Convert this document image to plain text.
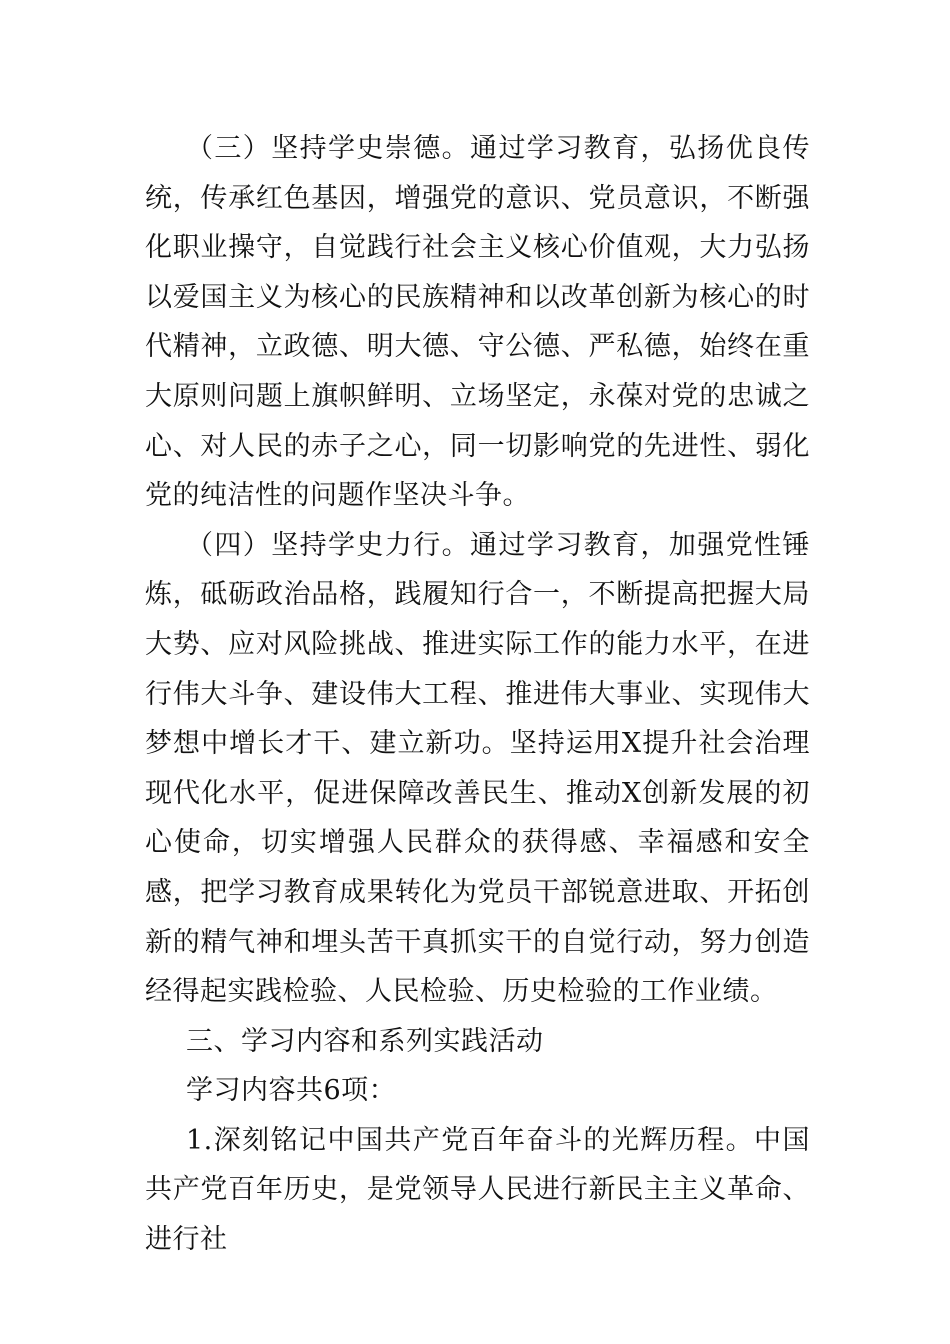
（三）坚持学史崇德。通过学习教育，弘扬优良传统，传承红色基因，增强党的意识、党员意识，不断强化职业操守，自觉践行社会主义核心价值观，大力弘扬以爱国主义为核心的民族精神和以改革创新为核心的时代精神，立政德、明大德、守公德、严私德，始终在重大原则问题上旗帜鲜明、立场坚定，永葆对党的忠诚之心、对人民的赤子之心，同一切影响党的先进性、弱化党的纯洁性的问题作坚决斗争。

（四）坚持学史力行。通过学习教育，加强党性锤炼，砥砺政治品格，践履知行合一，不断提高把握大局大势、应对风险挑战、推进实际工作的能力水平，在进行伟大斗争、建设伟大工程、推进伟大事业、实现伟大梦想中增长才干、建立新功。坚持运用X提升社会治理现代化水平，促进保障改善民生、推动X创新发展的初心使命，切实增强人民群众的获得感、幸福感和安全感，把学习教育成果转化为党员干部锐意进取、开拓创新的精气神和埋头苦干真抓实干的自觉行动，努力创造经得起实践检验、人民检验、历史检验的工作业绩。

三、学习内容和系列实践活动

学习内容共6项：

1.深刻铭记中国共产党百年奋斗的光辉历程。中国共产党百年历史，是党领导人民进行新民主主义革命、进行社
